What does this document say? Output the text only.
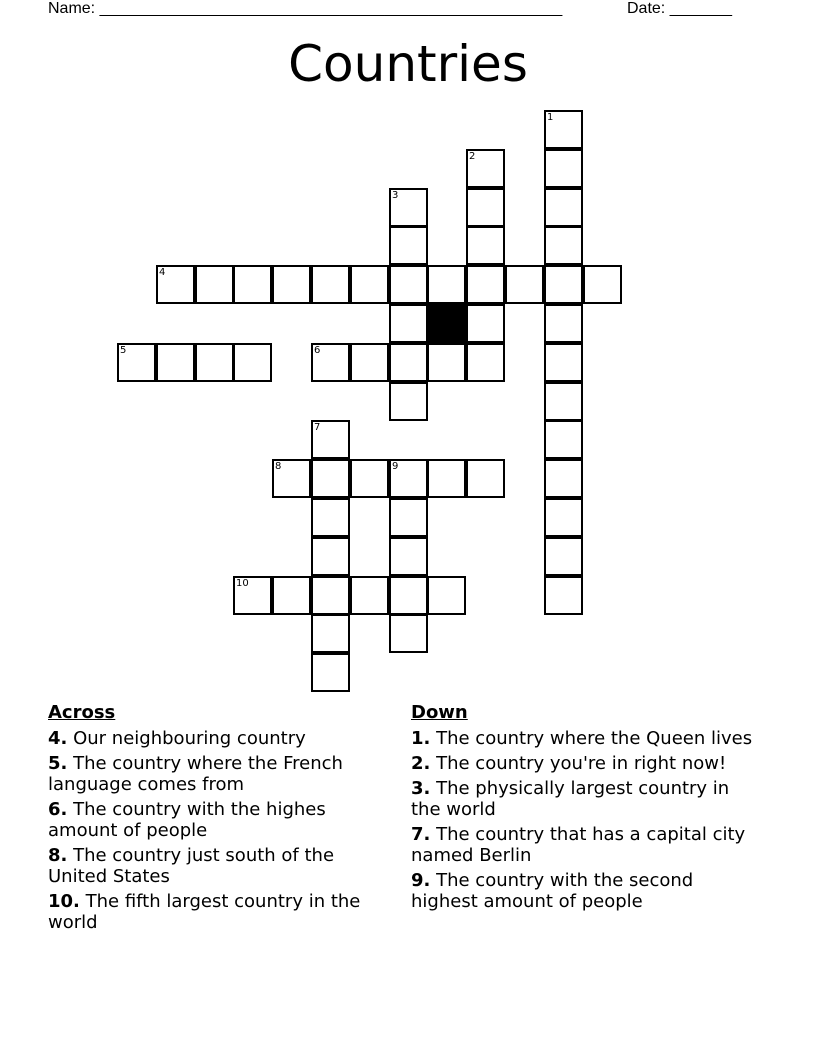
Name: ____________________________________________________	Date: _______
Countries
4
5	6
8	9
10
1
2
3
7
Across
4. Our neighbouring country
5. The country where the French language comes from
6. The country with the highes amount of people
8. The country just south of the United States
10. The fifth largest country in the world
Down
1. The country where the Queen lives
2. The country you're in right now!
3. The physically largest country in the world
7. The country that has a capital city named Berlin
9. The country with the second highest amount of people
